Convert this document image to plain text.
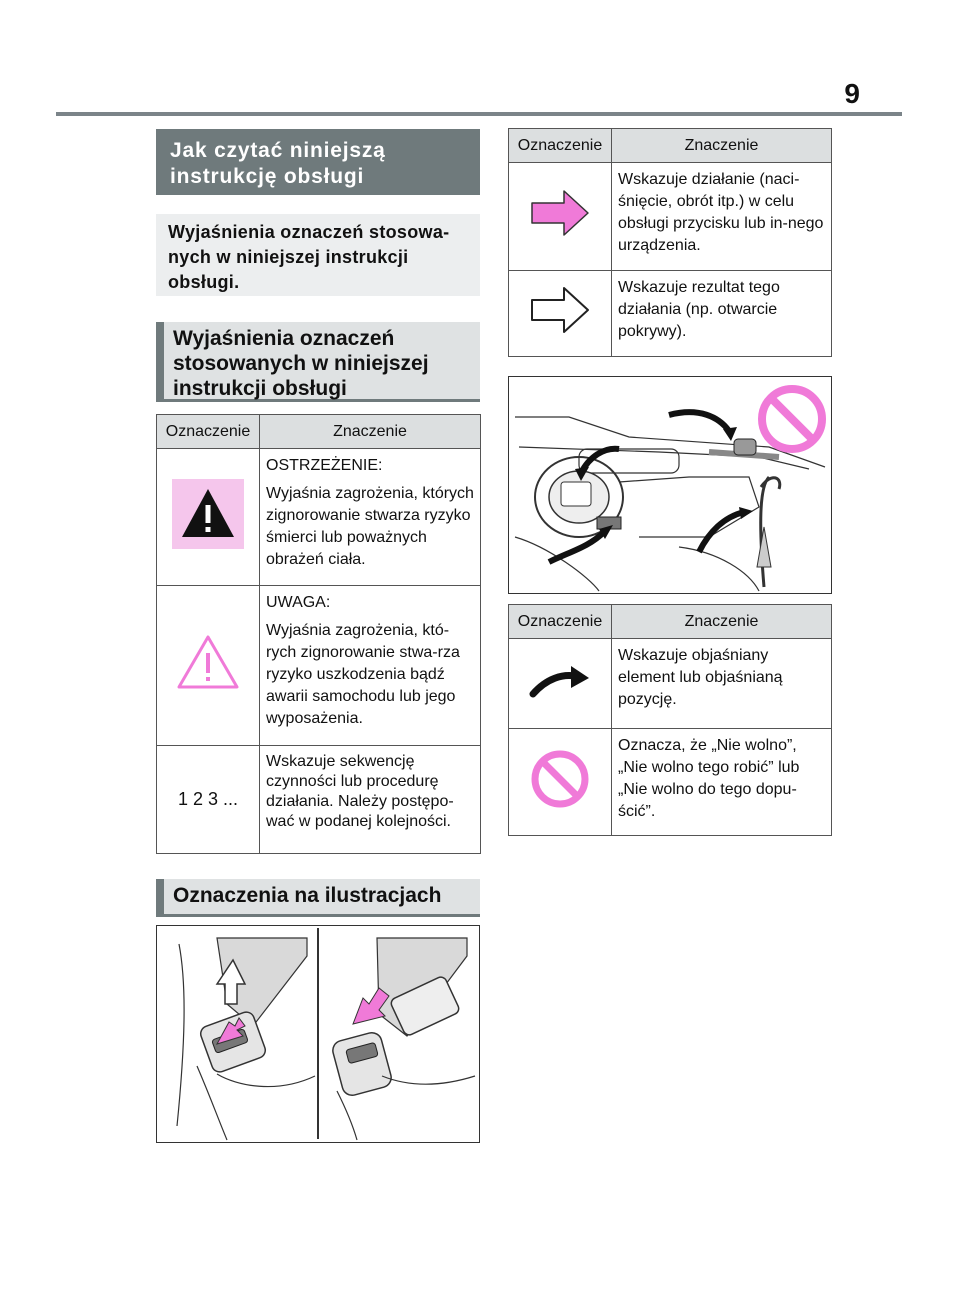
9
Jak czytać niniejszą instrukcję obsługi
Wyjaśnienia oznaczeń stosowa-nych w niniejszej instrukcji obsługi.
Wyjaśnienia oznaczeń stosowanych w niniejszej instrukcji obsługi
Oznaczenie	Znaczenie

OSTRZEŻENIE:

Wyjaśnia zagrożenia, których zignorowanie stwarza ryzyko śmierci lub poważnych obrażeń ciała.

UWAGA:

Wyjaśnia zagrożenia, któ-rych zignorowanie stwa-rza ryzyko uszkodzenia bądź awarii samochodu lub jego wyposażenia.

1 2 3 ...	Wskazuje sekwencję czynności lub procedurę działania. Należy postępo-wać w podanej kolejności.

Oznaczenia na ilustracjach
Oznaczenie	Znaczenie

Wskazuje działanie (naci-śnięcie, obrót itp.) w celu obsługi przycisku lub in-nego urządzenia.

Wskazuje rezultat tego działania (np. otwarcie pokrywy).

Oznaczenie	Znaczenie

Wskazuje objaśniany element lub objaśnianą pozycję.

Oznacza, że „Nie wolno”, „Nie wolno tego robić” lub „Nie wolno do tego dopu-ścić”.
